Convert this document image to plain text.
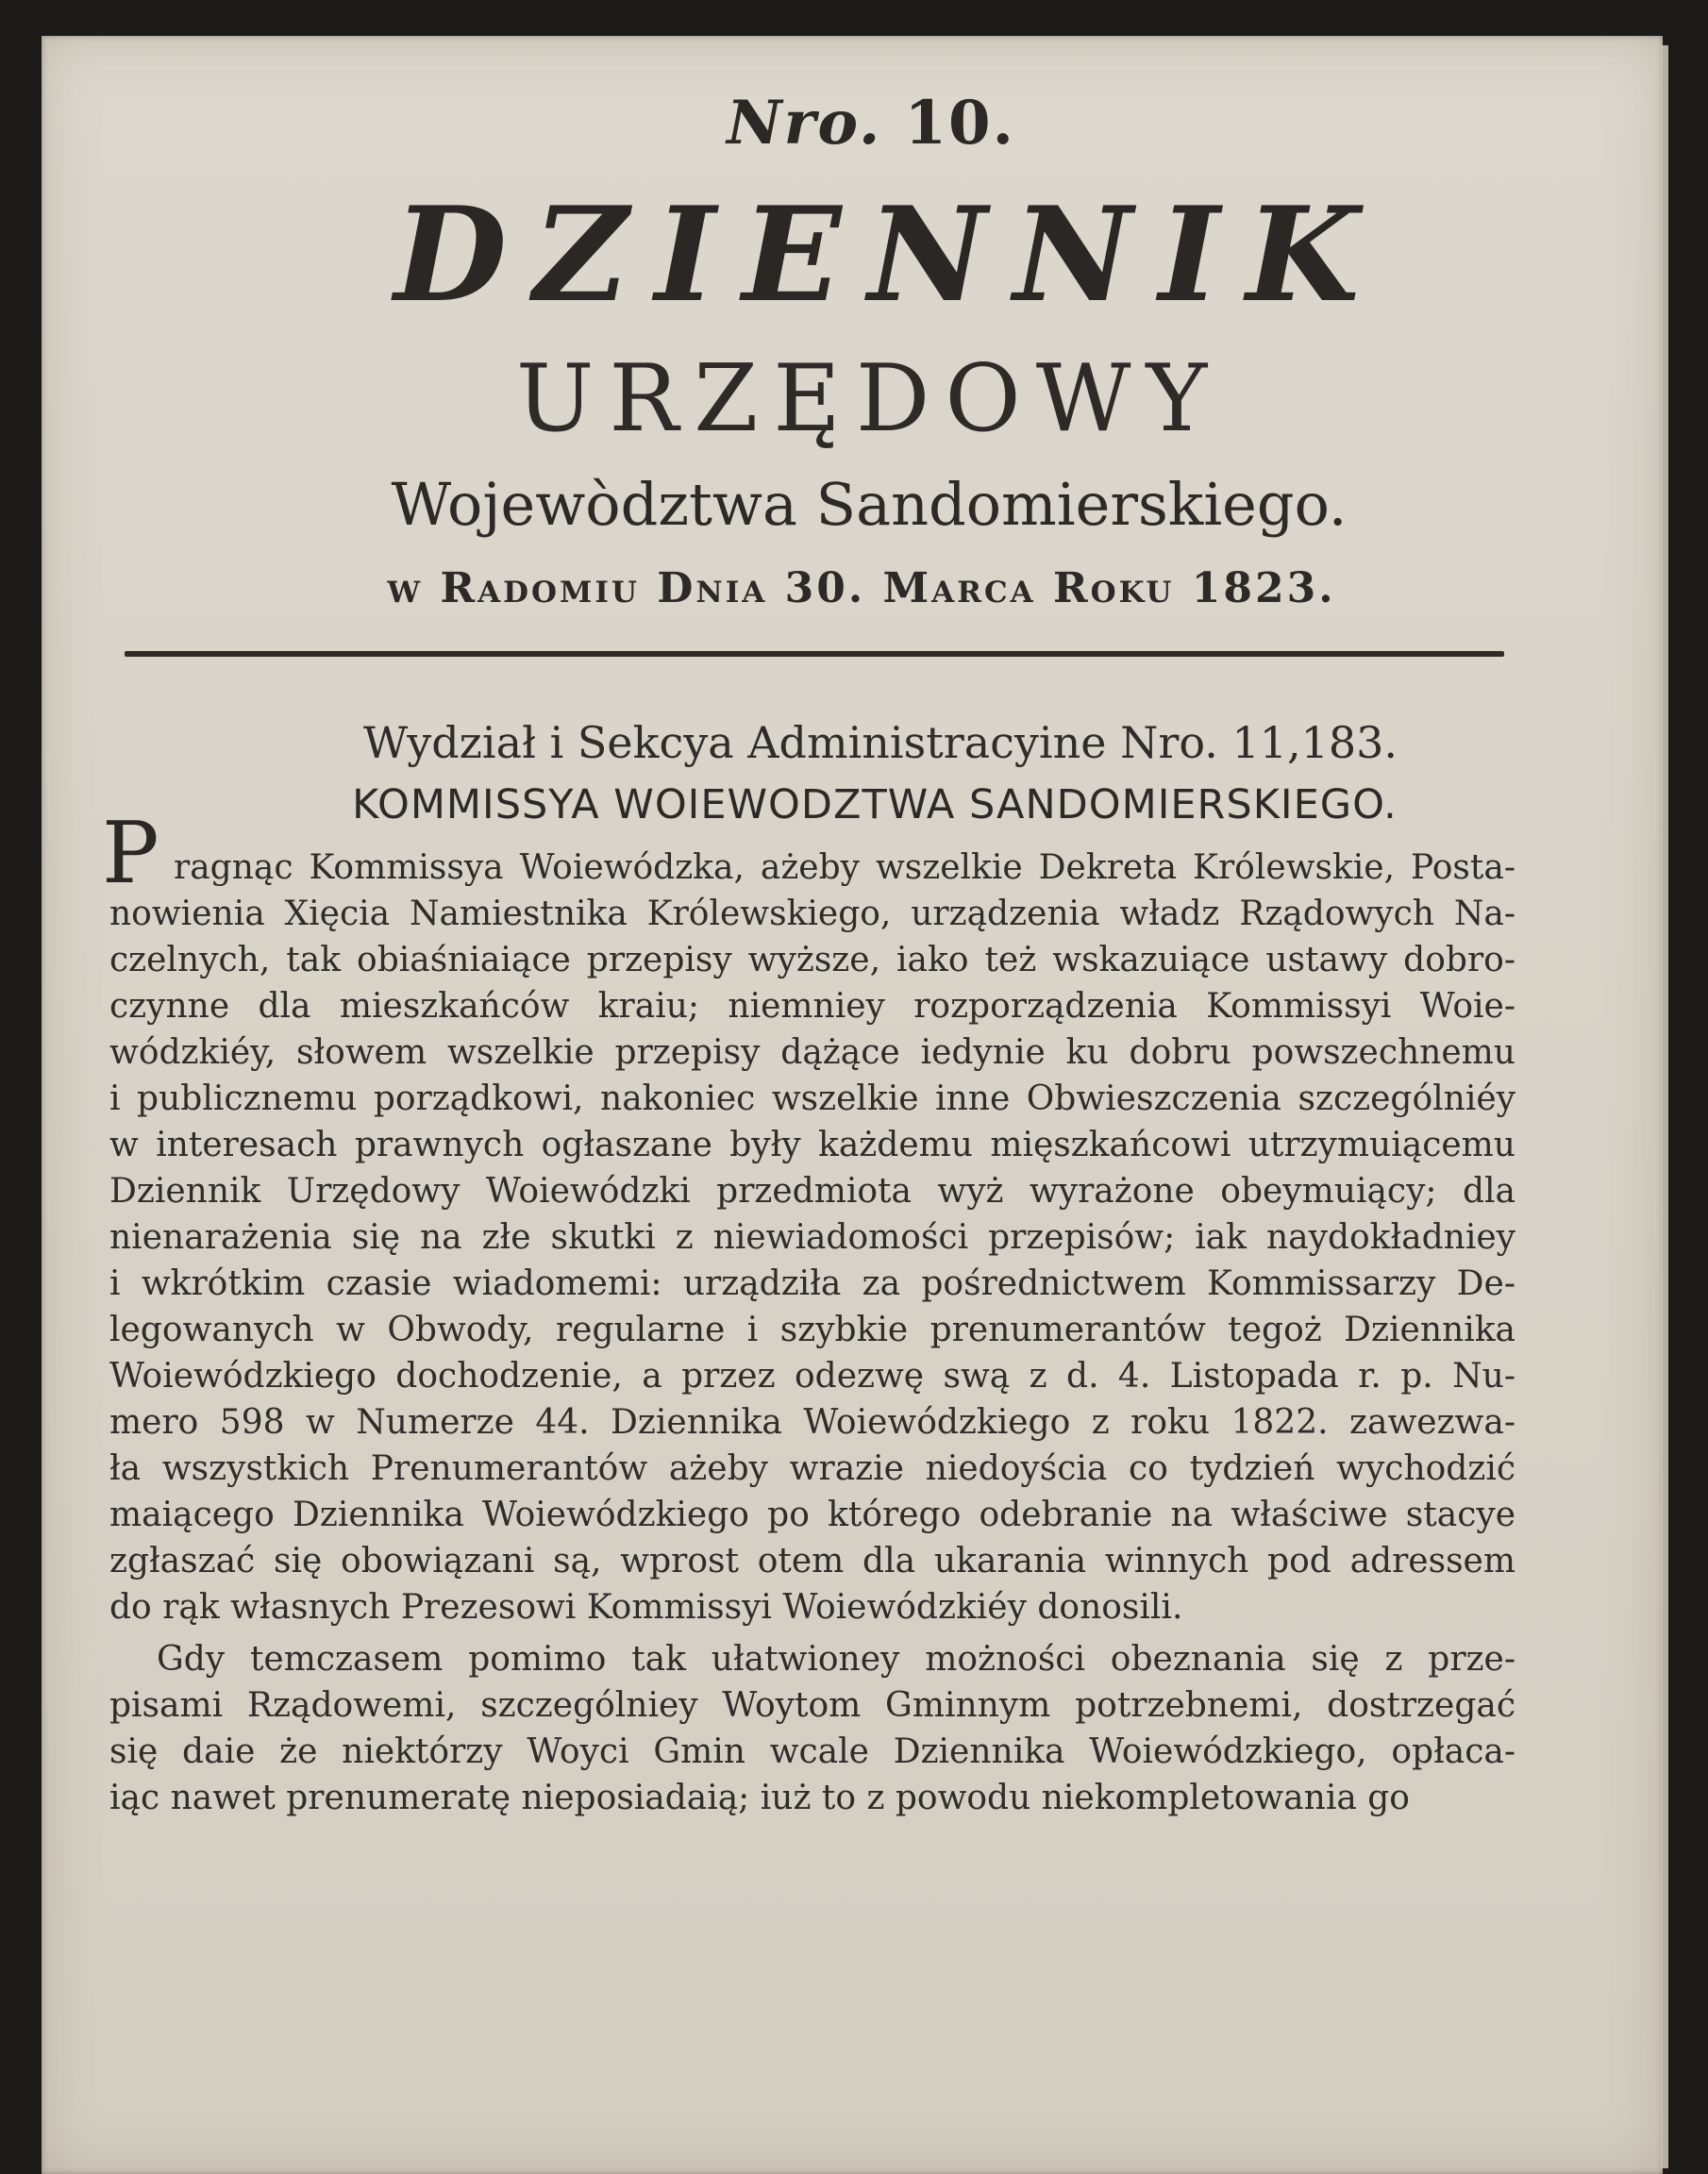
Nro. 10.
DZIENNIK
URZĘDOWY
Wojewòdztwa Sandomierskiego.
w Radomiu Dnia 30. Marca Roku 1823.
Wydział i Sekcya Administracyine Nro. 11,183.
KOMMISSYA WOIEWODZTWA SANDOMIERSKIEGO.
P ragnąc Kommissya Woiewódzka, ażeby wszelkie Dekreta Królewskie, Posta-
nowienia Xięcia Namiestnika Królewskiego, urządzenia władz Rządowych Na-
czelnych, tak obiaśniaiące przepisy wyższe, iako też wskazuiące ustawy dobro-
czynne dla mieszkańców kraiu; niemniey rozporządzenia Kommissyi Woie-
wódzkiéy, słowem wszelkie przepisy dążące iedynie ku dobru powszechnemu
i publicznemu porządkowi, nakoniec wszelkie inne Obwieszczenia szczególniéy
w interesach prawnych ogłaszane były każdemu mięszkańcowi utrzymuiącemu
Dziennik Urzędowy Woiewódzki przedmiota wyż wyrażone obeymuiący; dla
nienarażenia się na złe skutki z niewiadomości przepisów; iak naydokładniey
i wkrótkim czasie wiadomemi: urządziła za pośrednictwem Kommissarzy De-
legowanych w Obwody, regularne i szybkie prenumerantów tegoż Dziennika
Woiewódzkiego dochodzenie, a przez odezwę swą z d. 4. Listopada r. p. Nu-
mero 598 w Numerze 44. Dziennika Woiewódzkiego z roku 1822. zawezwa-
ła wszystkich Prenumerantów ażeby wrazie niedoyścia co tydzień wychodzić
maiącego Dziennika Woiewódzkiego po którego odebranie na właściwe stacye
zgłaszać się obowiązani są, wprost otem dla ukarania winnych pod adressem
do rąk własnych Prezesowi Kommissyi Woiewódzkiéy donosili.
Gdy temczasem pomimo tak ułatwioney możności obeznania się z prze-
pisami Rządowemi, szczególniey Woytom Gminnym potrzebnemi, dostrzegać
się daie że niektórzy Woyci Gmin wcale Dziennika Woiewódzkiego, opłaca-
iąc nawet prenumeratę nieposiadaią; iuż to z powodu niekompletowania go
